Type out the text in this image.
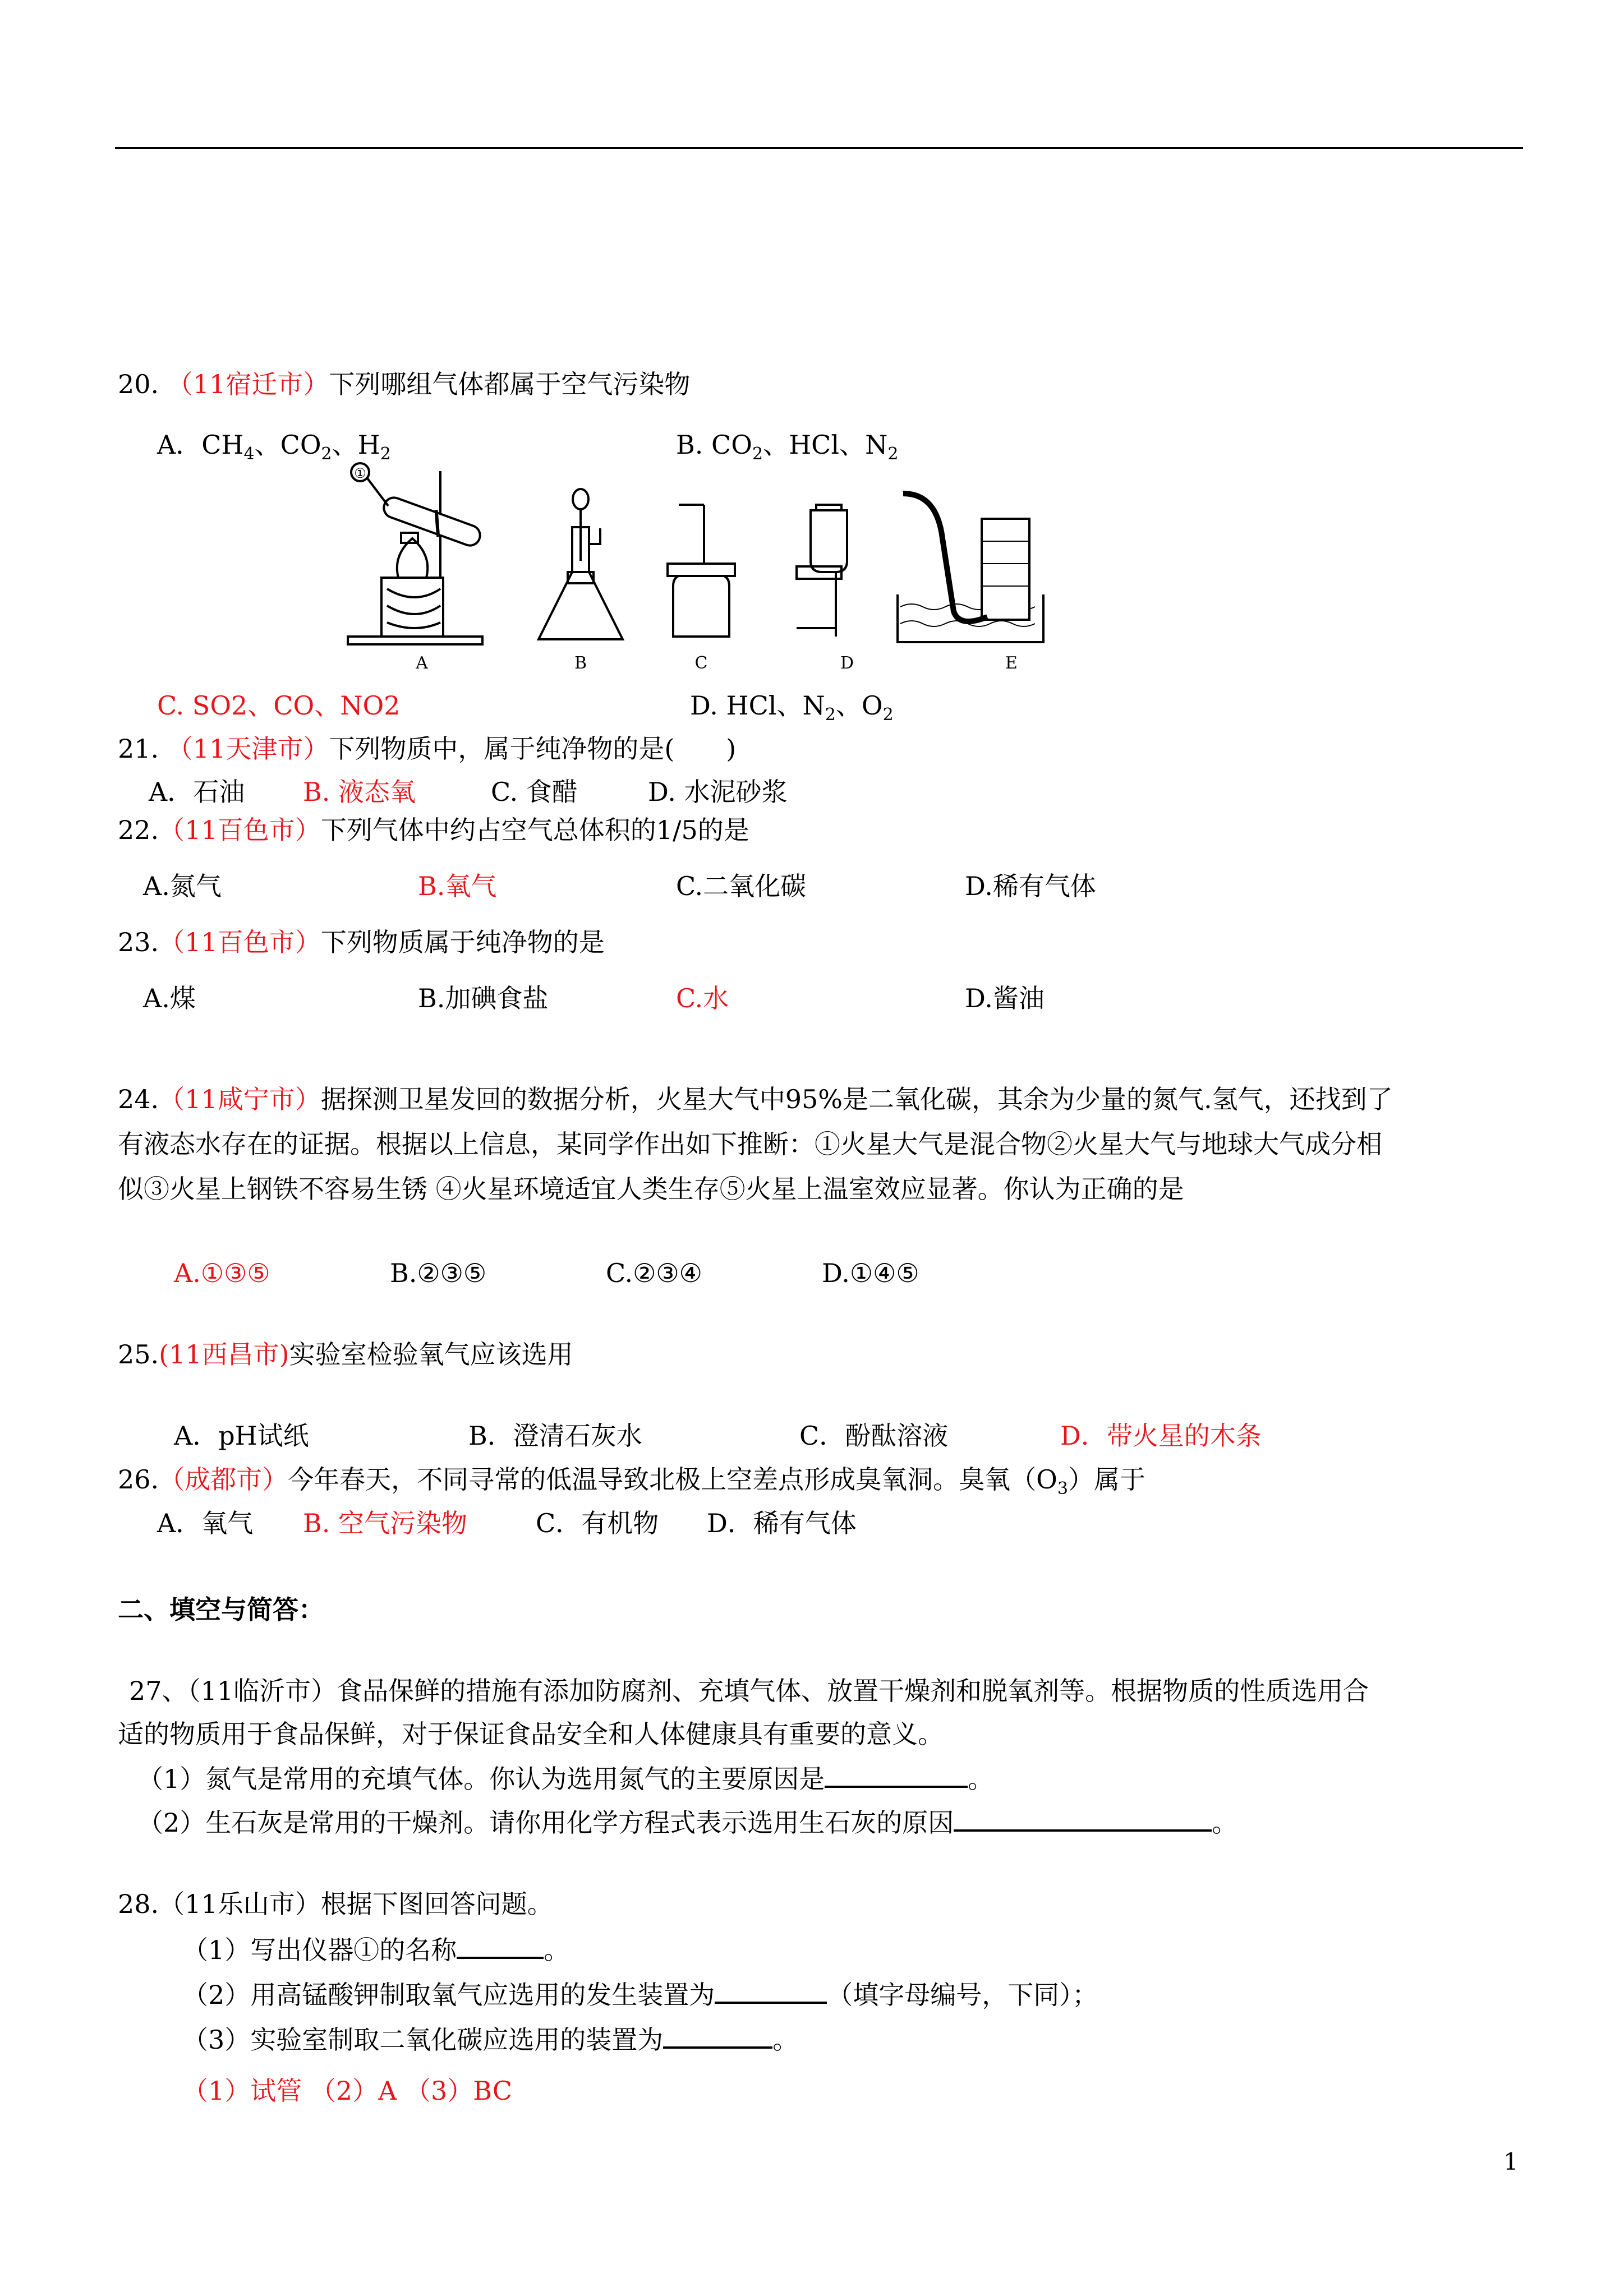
20. （11宿迁市）下列哪组气体都属于空气污染物
A．$CH_4$、$CO_2$、$H_2$	B. $CO_2$、HCl、$N_2$
①
A	B	C	D	E
C. SO2、CO、NO2	D. HCl、$N_2$、$O_2$
21. （11天津市）下列物质中，属于纯净物的是(　　)
A．石油 B. 液态氧	C. 食醋	D. 水泥砂浆
22.（11百色市）下列气体中约占空气总体积的1/5的是
A.氮气	B.氧气	C.二氧化碳	D.稀有气体
23.（11百色市）下列物质属于纯净物的是
A.煤	B.加碘食盐	C.水	D.酱油
24.（11咸宁市）据探测卫星发回的数据分析，火星大气中95%是二氧化碳，其余为少量的氮气.氢气，还找到了
有液态水存在的证据。根据以上信息，某同学作出如下推断：①火星大气是混合物②火星大气与地球大气成分相
似③火星上钢铁不容易生锈 ④火星环境适宜人类生存⑤火星上温室效应显著。你认为正确的是
A.①③⑤	B.②③⑤	C.②③④	D.①④⑤
25.(11西昌市)实验室检验氧气应该选用
A．pH试纸	B．澄清石灰水	C．酚酞溶液	D．带火星的木条
26.（成都市）今年春天，不同寻常的低温导致北极上空差点形成臭氧洞。臭氧$(O_3)$属于
A．氧气 B. 空气污染物	C．有机物 D．稀有气体
二、填空与简答：
27、（11临沂市）食品保鲜的措施有添加防腐剂、充填气体、放置干燥剂和脱氧剂等。根据物质的性质选用合
适的物质用于食品保鲜，对于保证食品安全和人体健康具有重要的意义。
（1）氮气是常用的充填气体。你认为选用氮气的主要原因是	。
（2）生石灰是常用的干燥剂。请你用化学方程式表示选用生石灰的原因	。
28.（11乐山市）根据下图回答问题。
（1）写出仪器①的名称	。
（2）用高锰酸钾制取氧气应选用的发生装置为	（填字母编号，下同）；
（3）实验室制取二氧化碳应选用的装置为	。
（1）试管 （2）A （3）BC
1
